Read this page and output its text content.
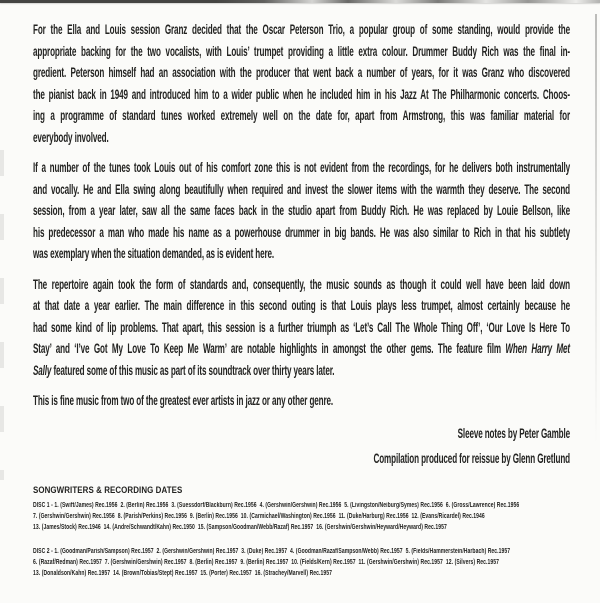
For the Ella and Louis session Granz decided that the Oscar Peterson Trio, a popular group of some standing, would provide the
appropriate backing for the two vocalists, with Louis’ trumpet providing a little extra colour. Drummer Buddy Rich was the final in-
gredient. Peterson himself had an association with the producer that went back a number of years, for it was Granz who discovered
the pianist back in 1949 and introduced him to a wider public when he included him in his Jazz At The Philharmonic concerts. Choos-
ing a programme of standard tunes worked extremely well on the date for, apart from Armstrong, this was familiar material for
everybody involved.
If a number of the tunes took Louis out of his comfort zone this is not evident from the recordings, for he delivers both instrumentally
and vocally. He and Ella swing along beautifully when required and invest the slower items with the warmth they deserve. The second
session, from a year later, saw all the same faces back in the studio apart from Buddy Rich. He was replaced by Louie Bellson, like
his predecessor a man who made his name as a powerhouse drummer in big bands. He was also similar to Rich in that his subtlety
was exemplary when the situation demanded, as is evident here.
The repertoire again took the form of standards and, consequently, the music sounds as though it could well have been laid down
at that date a year earlier. The main difference in this second outing is that Louis plays less trumpet, almost certainly because he
had some kind of lip problems. That apart, this session is a further triumph as ‘Let’s Call The Whole Thing Off’, ‘Our Love Is Here To
Stay’ and ‘I’ve Got My Love To Keep Me Warm’ are notable highlights in amongst the other gems. The feature film When Harry Met
Sally featured some of this music as part of its soundtrack over thirty years later.
This is fine music from two of the greatest ever artists in jazz or any other genre.
Sleeve notes by Peter Gamble
Compilation produced for reissue by Glenn Gretlund
SONGWRITERS & RECORDING DATES
DISC 1 - 1. (Swift/James) Rec.1956  2. (Berlin) Rec.1956  3. (Suessdorf/Blackburn) Rec.1956  4. (Gershwin/Gershwin) Rec.1956  5. (Livingston/Neiburg/Symes) Rec.1956  6. (Gross/Lawrence) Rec.1956
7. (Gershwin/Gershwin) Rec.1956  8. (Parish/Perkins) Rec.1956  9. (Berlin) Rec.1956  10. (Carmichael/Washington) Rec.1956  11. (Duke/Harburg) Rec.1956  12. (Evans/Ricardel) Rec.1946
13. (James/Stock) Rec.1946  14. (Andre/Schwandt/Kahn) Rec.1950  15. (Sampson/Goodman/Webb/Razaf) Rec.1957  16. (Gershwin/Gershwin/Heyward/Heyward) Rec.1957
DISC 2 - 1. (Goodman/Parish/Sampson) Rec.1957  2. (Gershwin/Gershwin) Rec.1957  3. (Duke) Rec.1957  4. (Goodman/Razaf/Sampson/Webb) Rec.1957  5. (Fields/Hammerstein/Harbach) Rec.1957
6. (Razaf/Redman) Rec.1957  7. (Gershwin/Gershwin) Rec.1957  8. (Berlin) Rec.1957  9. (Berlin) Rec.1957  10. (Fields/Kern) Rec.1957  11. (Gershwin/Gershwin) Rec.1957  12. (Silvers) Rec.1957
13. (Donaldson/Kahn) Rec.1957  14. (Brown/Tobias/Stept) Rec.1957  15. (Porter) Rec.1957  16. (Strachey/Marvell) Rec.1957
